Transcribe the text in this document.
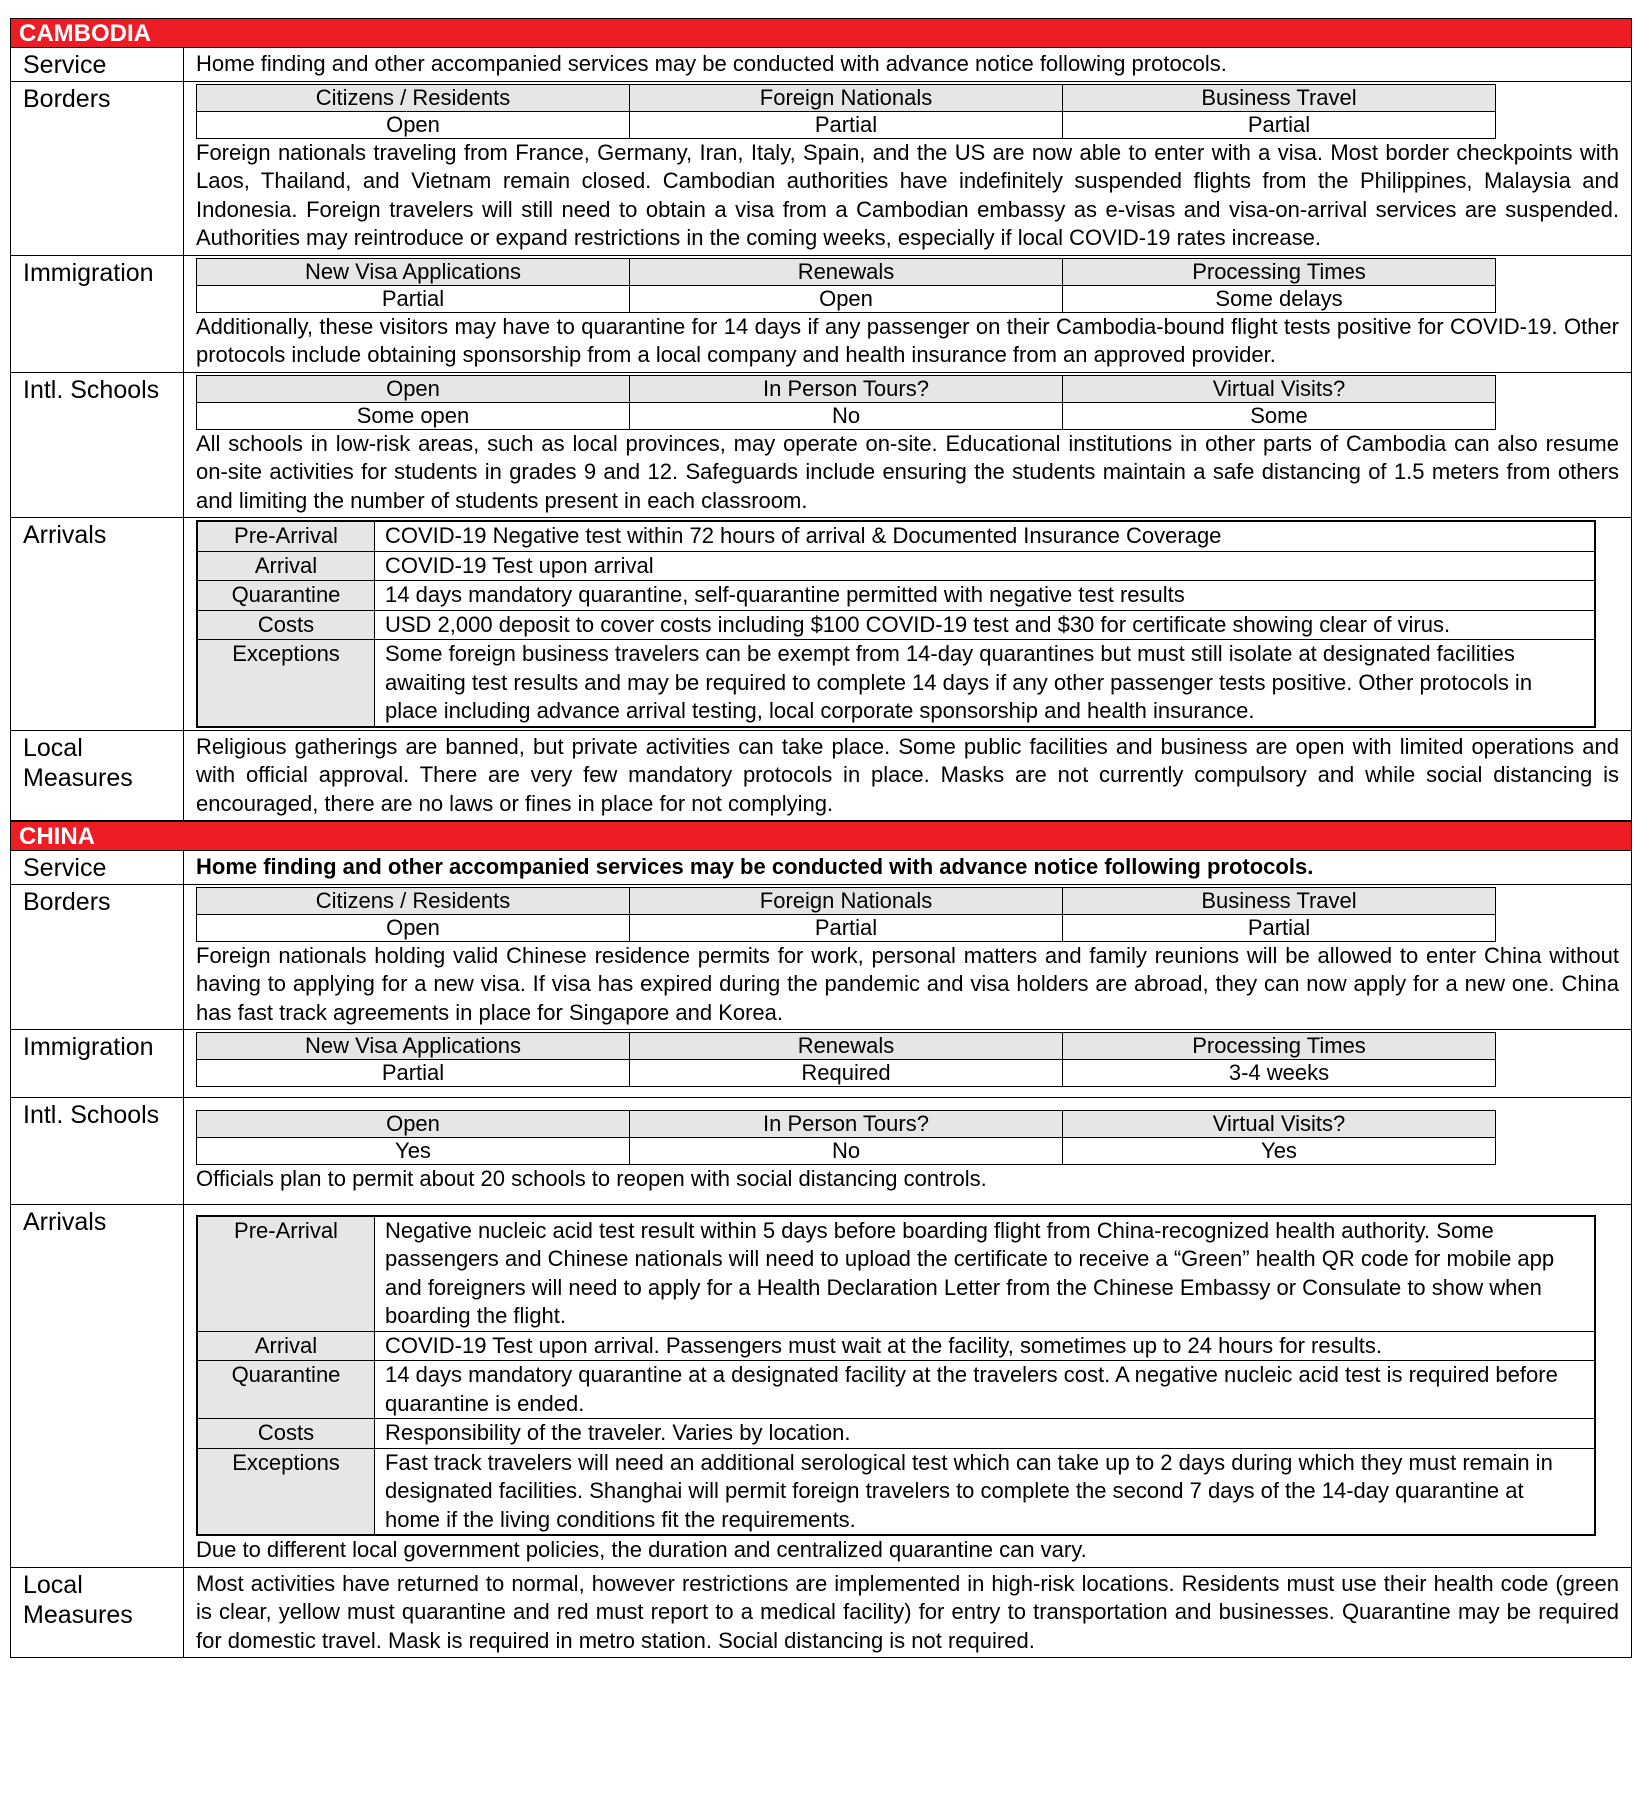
CAMBODIA
Service	Home finding and other accompanied services may be conducted with advance notice following protocols.
Borders	Citizens / Residents	Foreign Nationals	Business Travel
Open	Partial	Partial

Foreign nationals traveling from France, Germany, Iran, Italy, Spain, and the US are now able to enter with a visa. Most border checkpoints with Laos, Thailand, and Vietnam remain closed. Cambodian authorities have indefinitely suspended flights from the Philippines, Malaysia and Indonesia. Foreign travelers will still need to obtain a visa from a Cambodian embassy as e-visas and visa-on-arrival services are suspended. Authorities may reintroduce or expand restrictions in the coming weeks, especially if local COVID-19 rates increase.

Immigration	New Visa Applications	Renewals	Processing Times
Partial	Open	Some delays

Additionally, these visitors may have to quarantine for 14 days if any passenger on their Cambodia-bound flight tests positive for COVID-19. Other protocols include obtaining sponsorship from a local company and health insurance from an approved provider.

Intl. Schools	Open	In Person Tours?	Virtual Visits?
Some open	No	Some

All schools in low-risk areas, such as local provinces, may operate on-site. Educational institutions in other parts of Cambodia can also resume on-site activities for students in grades 9 and 12. Safeguards include ensuring the students maintain a safe distancing of 1.5 meters from others and limiting the number of students present in each classroom.

Arrivals	Pre-Arrival	COVID-19 Negative test within 72 hours of arrival & Documented Insurance Coverage
Arrival	COVID-19 Test upon arrival
Quarantine	14 days mandatory quarantine, self-quarantine permitted with negative test results
Costs	USD 2,000 deposit to cover costs including $100 COVID-19 test and $30 for certificate showing clear of virus.
Exceptions	Some foreign business travelers can be exempt from 14-day quarantines but must still isolate at designated facilities awaiting test results and may be required to complete 14 days if any other passenger tests positive. Other protocols in place including advance arrival testing, local corporate sponsorship and health insurance.
Local Measures
Religious gatherings are banned, but private activities can take place. Some public facilities and business are open with limited operations and with official approval. There are very few mandatory protocols in place. Masks are not currently compulsory and while social distancing is encouraged, there are no laws or fines in place for not complying.
CHINA
Service	Home finding and other accompanied services may be conducted with advance notice following protocols.
Borders	Citizens / Residents	Foreign Nationals	Business Travel
Open	Partial	Partial

Foreign nationals holding valid Chinese residence permits for work, personal matters and family reunions will be allowed to enter China without having to applying for a new visa. If visa has expired during the pandemic and visa holders are abroad, they can now apply for a new one. China has fast track agreements in place for Singapore and Korea.

Immigration	New Visa Applications	Renewals	Processing Times
Partial	Required	3-4 weeks
Intl. Schools	Open	In Person Tours?	Virtual Visits?
Yes	No	Yes

Officials plan to permit about 20 schools to reopen with social distancing controls.

Arrivals	Pre-Arrival	Negative nucleic acid test result within 5 days before boarding flight from China-recognized health authority. Some passengers and Chinese nationals will need to upload the certificate to receive a “Green” health QR code for mobile app and foreigners will need to apply for a Health Declaration Letter from the Chinese Embassy or Consulate to show when boarding the flight.
Arrival	COVID-19 Test upon arrival. Passengers must wait at the facility, sometimes up to 24 hours for results.
Quarantine	14 days mandatory quarantine at a designated facility at the travelers cost. A negative nucleic acid test is required before quarantine is ended.
Costs	Responsibility of the traveler. Varies by location.
Exceptions	Fast track travelers will need an additional serological test which can take up to 2 days during which they must remain in designated facilities. Shanghai will permit foreign travelers to complete the second 7 days of the 14-day quarantine at home if the living conditions fit the requirements.

Due to different local government policies, the duration and centralized quarantine can vary.

Local Measures
Most activities have returned to normal, however restrictions are implemented in high-risk locations. Residents must use their health code (green is clear, yellow must quarantine and red must report to a medical facility) for entry to transportation and businesses. Quarantine may be required for domestic travel. Mask is required in metro station. Social distancing is not required.
